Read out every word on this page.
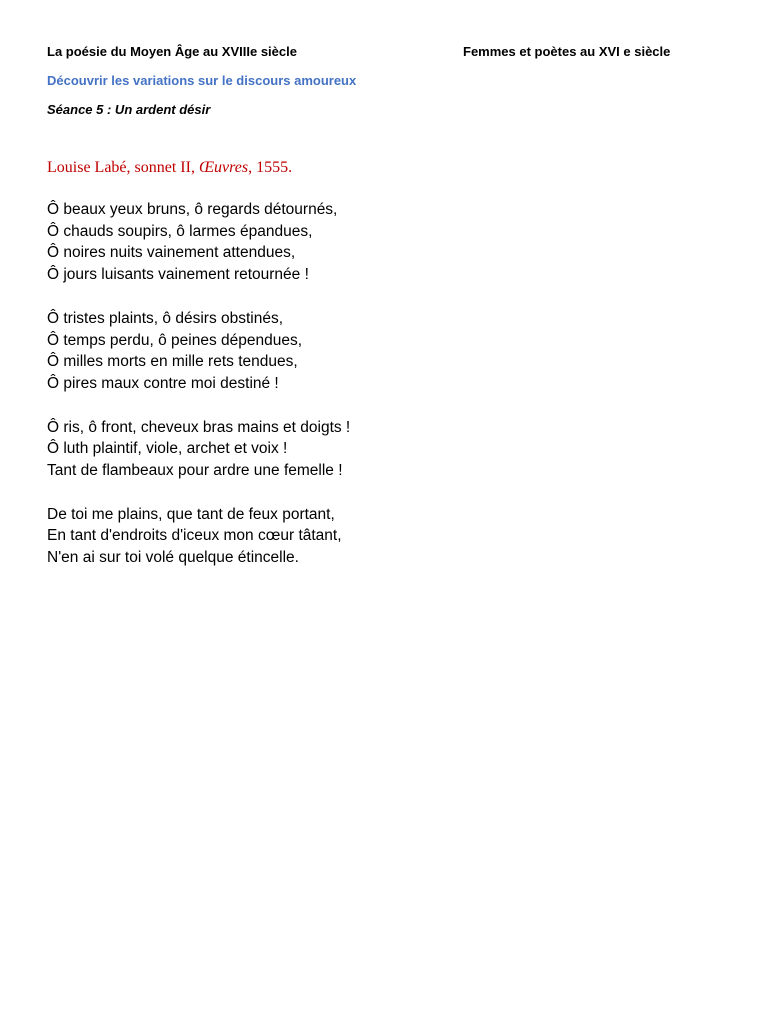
La poésie du Moyen Âge au XVIIIe siècle	Femmes et poètes au XVI e siècle
Découvrir les variations sur le discours amoureux
Séance 5 : Un ardent désir
Louise Labé, sonnet II, Œuvres, 1555.
Ô beaux yeux bruns, ô regards détournés,
Ô chauds soupirs, ô larmes épandues,
Ô noires nuits vainement attendues,
Ô jours luisants vainement retournée !
Ô tristes plaints, ô désirs obstinés,
Ô temps perdu, ô peines dépendues,
Ô milles morts en mille rets tendues,
Ô pires maux contre moi destiné !
Ô ris, ô front, cheveux bras mains et doigts !
Ô luth plaintif, viole, archet et voix !
Tant de flambeaux pour ardre une femelle !
De toi me plains, que tant de feux portant,
En tant d'endroits d'iceux mon cœur tâtant,
N'en ai sur toi volé quelque étincelle.
